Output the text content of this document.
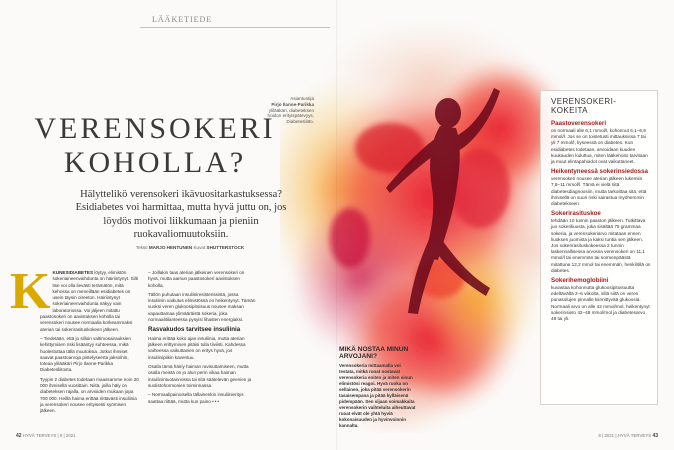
LÄÄKETIEDE
VERENSOKERI
KOHOLLA?

Hälyttelikö verensokeri ikävuositarkastuksessa? Esidiabetes voi harmittaa, mutta hyvä juttu on, jos löydös motivoi liikkumaan ja pieniin ruokavaliomuutoksiin.

Teksti MARJO HENTUNEN Kuvat SHUTTERSTOCK
Asiantuntija
Pirjo Ilanne-Parikka
ylilääkäri, diabeteksen hoidon erityispätevyys, Diabetesliitto.

K KUNESIDIABETES löytyy, elimistön sokeriaineenvaihdunta on häiriintynyt. Silti itse voi olla lievästi terämätön, mitä kehossa on meneillään esidiabetes on usein täysin oireeton. Häiriintynyt sokeriaineenvaihdunta näkyy vain laboratoriossa. Voi jäljeen mitattu paastosokeri on aavistuksen koholla tai verensokeri nousee normaalia korkeammaksi aterian tai sokerirasituskokeen jälkeen.

– Tiedetään, että jo silloin valtimosairauksien kehittymisen riski lisääntyy suhteessa, mikä huolestuttaa tällä muutoksia. Jotkut ihmiset saavat paastoarvoja pistelyseerta jaksoihin, toteaa ylilääkäri Pirjo Ilanne-Parikka Diabetesliitosta.

Tyypin 2 diabetes todetaan maassamme noin 20 000 ihmisellä vuosittain. Niitä, joilla häly on diabeteksen rajalla, on arvioiden mukaan jopa 700 000. Heillä haima erittää riittävästi insuliinia ja verensokeri nousee erityisesti syömisen jälkeen.

– Joillakin taas aterian jälkeinen verensokeri on hyvä, mutta aamun paastosokeri aavistuksen koholla.

Tällön puhutaan insuliiniresistenssistä, jossa insuliinin vaikutus elimistössä on heikentynyt. Tämän vuoksi veren glukoosipitoisuus nousee maksan vapauttamaa ylimääräistä sokeria, joka normaalitilanteessa pysyisi lihasten energiaksi.

Rasvakudos tarvitsee insuliinia

Haima erittää koko ajan insuliinia, mutta aterian jälkeen erittyminen pitäisi tulla tiiviisti. Kahdessa vaiheessa vaikuttavien on eritys hyvä, jos insuliinipiikin kaventuu.

Osalla tämä häiriy haiman ravisuttamiseen, mutta osalla meistä on jo alun perin vikaa haiman insuliinintuotannossa tai sitä säätelevän geenien ja suolistohormonien toiminnassa.

– Normaalipainoisella tällainenkin insuliinieritys saattaa riittää, mutta kun paino •••

MIKÄ NOSTAA MINUN ARVOJANI?
Verensokeria mittaamalla voi testata, mitkä ruoat nostavat verensokeria eniten ja miten sinun elimistösi reagoi. Hyvä ruoka on sellainen, joka pitää verensokerin tasaisempana ja pitää kylläisenä pidempään. Sen sijaan voimakkaita verensokerin vaihteluita aiheuttavat ruoat eivät ole yhtä hyviä kokonaisuuden ja hyvinvoinnin kannalta.
VERENSOKERI-KOKEITA
Paastoverensokeri
on normaali alle 6,1 mmol/l, kohonnut 6,1–6,9 mmol/l. Jos se on toistetusti mittauksissa 7 tai yli 7 mmol/l, kyseessä on diabetes. Kun esidiabetes todetaan, arvioidaan kuuden kuukauden kuluttua, miten lääkehoito tarvitaan ja muut elintapahoidot ovat vaikuttaneet.
Heikentyneessä sokerinsiedossa
verensokeri nousee aterian jälkeen lukemiin 7,8–11 mmol/l. Tämä ei vielä riitä diabetesdiagnoosiin, mutta tarkoittaa sitä, että ihmisellä on suuri riski sairastua myöhemmin diabetekseen.
Sokerirasituskoe
tehdään 10 tunnin paaston jälkeen. Tutkittava juo sokeriliuosta, joka sisältää 75 grammaa sokeria, ja verensokeriarvo mitataan ennen liuoksen juomista ja kaksi tuntia sen jälkeen. Jos sokerirasituskokeessa 2 tunnin laskennallisessa arvossa verensokeri on 11,1 mmol/l tai enemmän tai sormenpäästä mitattuna 12,2 mmol tai enemmän, henkilöllä on diabetes.
Sokerihemoglobiini
kuvastaa kohonnutta glukoosipitoisuutta edeltävältä 2–6 viikolta, sillä siitä on veren punasolujen pinnalle kiinnittyvää glukoosia. Normaali arvo on alle 42 mmol/mol, heikentynyt sokerinsieto 42–48 mmol/mol ja diabetesarvo 48 tai yli.
42 HYVÄ TERVEYS | 9 | 2021	9 | 2021 | HYVÄ TERVEYS 43
